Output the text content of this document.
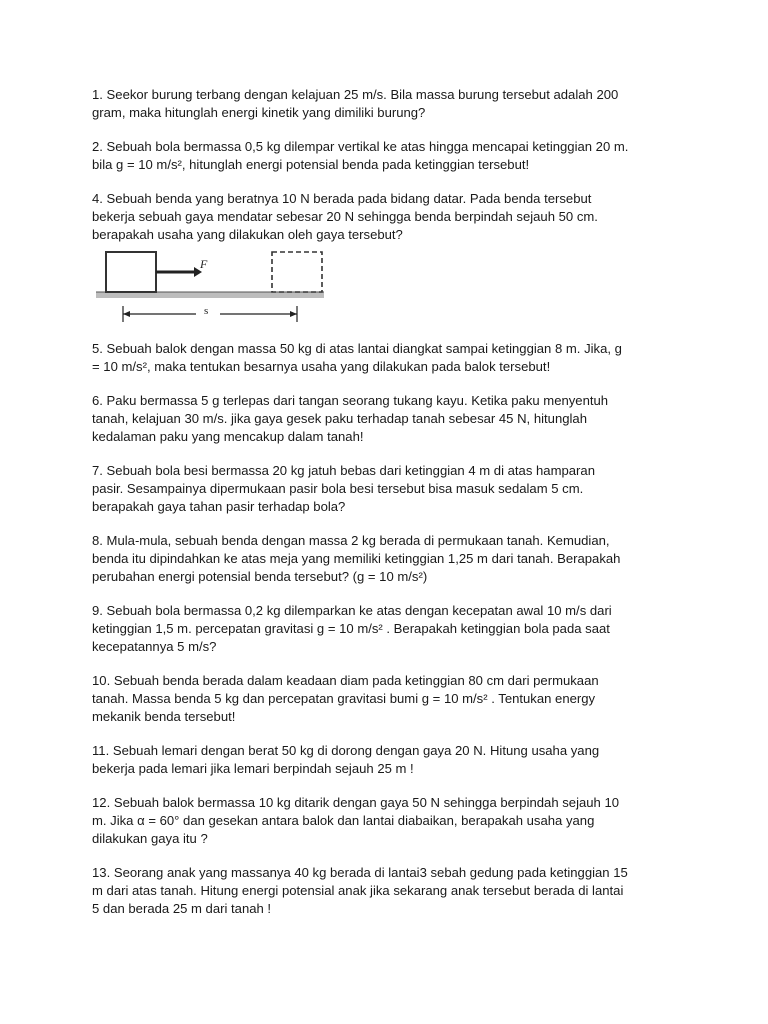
1. Seekor burung terbang dengan kelajuan 25 m/s. Bila massa burung tersebut adalah 200
gram, maka hitunglah energi kinetik yang dimiliki burung?

2. Sebuah bola bermassa 0,5 kg dilempar vertikal ke atas hingga mencapai ketinggian 20 m.
bila g = 10 m/s², hitunglah energi potensial benda pada ketinggian tersebut!

4. Sebuah benda yang beratnya 10 N berada pada bidang datar. Pada benda tersebut
bekerja sebuah gaya mendatar sebesar 20 N sehingga benda berpindah sejauh 50 cm.
berapakah usaha yang dilakukan oleh gaya tersebut?

F
s

5. Sebuah balok dengan massa 50 kg di atas lantai diangkat sampai ketinggian 8 m. Jika, g
= 10 m/s², maka tentukan besarnya usaha yang dilakukan pada balok tersebut!

6. Paku bermassa 5 g terlepas dari tangan seorang tukang kayu. Ketika paku menyentuh
tanah, kelajuan 30 m/s. jika gaya gesek paku terhadap tanah sebesar 45 N, hitunglah
kedalaman paku yang mencakup dalam tanah!

7. Sebuah bola besi bermassa 20 kg jatuh bebas dari ketinggian 4 m di atas hamparan
pasir. Sesampainya dipermukaan pasir bola besi tersebut bisa masuk sedalam 5 cm.
berapakah gaya tahan pasir terhadap bola?

8. Mula-mula, sebuah benda dengan massa 2 kg berada di permukaan tanah. Kemudian,
benda itu dipindahkan ke atas meja yang memiliki ketinggian 1,25 m dari tanah. Berapakah
perubahan energi potensial benda tersebut? (g = 10 m/s²)

9. Sebuah bola bermassa 0,2 kg dilemparkan ke atas dengan kecepatan awal 10 m/s dari
ketinggian 1,5 m. percepatan gravitasi g = 10 m/s² . Berapakah ketinggian bola pada saat
kecepatannya 5 m/s?

10. Sebuah benda berada dalam keadaan diam pada ketinggian 80 cm dari permukaan
tanah. Massa benda 5 kg dan percepatan gravitasi bumi g = 10 m/s² . Tentukan energy
mekanik benda tersebut!

11. Sebuah lemari dengan berat 50 kg di dorong dengan gaya 20 N. Hitung usaha yang
bekerja pada lemari jika lemari berpindah sejauh 25 m !

12. Sebuah balok bermassa 10 kg ditarik dengan gaya 50 N sehingga berpindah sejauh 10
m. Jika α = 60° dan gesekan antara balok dan lantai diabaikan, berapakah usaha yang
dilakukan gaya itu ?

13. Seorang anak yang massanya 40 kg berada di lantai3 sebah gedung pada ketinggian 15
m dari atas tanah. Hitung energi potensial anak jika sekarang anak tersebut berada di lantai
5 dan berada 25 m dari tanah !
